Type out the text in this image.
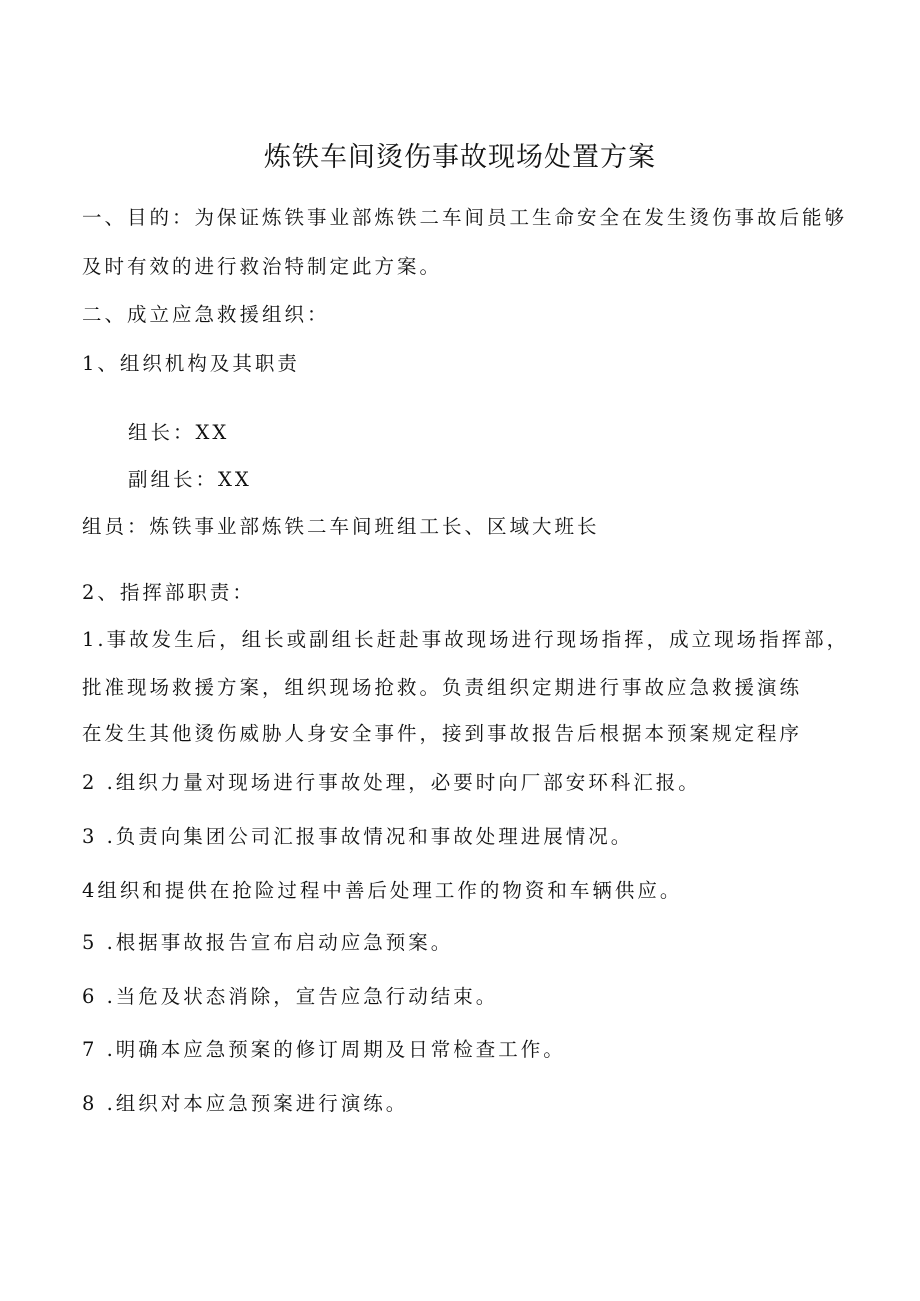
炼铁车间烫伤事故现场处置方案
一、目的：为保证炼铁事业部炼铁二车间员工生命安全在发生烫伤事故后能够
及时有效的进行救治特制定此方案。
二、成立应急救援组织：
1、组织机构及其职责
组长：XX
副组长：XX
组员：炼铁事业部炼铁二车间班组工长、区域大班长
2、指挥部职责：
1.事故发生后，组长或副组长赶赴事故现场进行现场指挥，成立现场指挥部，
批准现场救援方案，组织现场抢救。负责组织定期进行事故应急救援演练
在发生其他烫伤威胁人身安全事件，接到事故报告后根据本预案规定程序
2 .组织力量对现场进行事故处理，必要时向厂部安环科汇报。
3 .负责向集团公司汇报事故情况和事故处理进展情况。
4组织和提供在抢险过程中善后处理工作的物资和车辆供应。
5 .根据事故报告宣布启动应急预案。
6 .当危及状态消除，宣告应急行动结束。
7 .明确本应急预案的修订周期及日常检查工作。
8 .组织对本应急预案进行演练。
